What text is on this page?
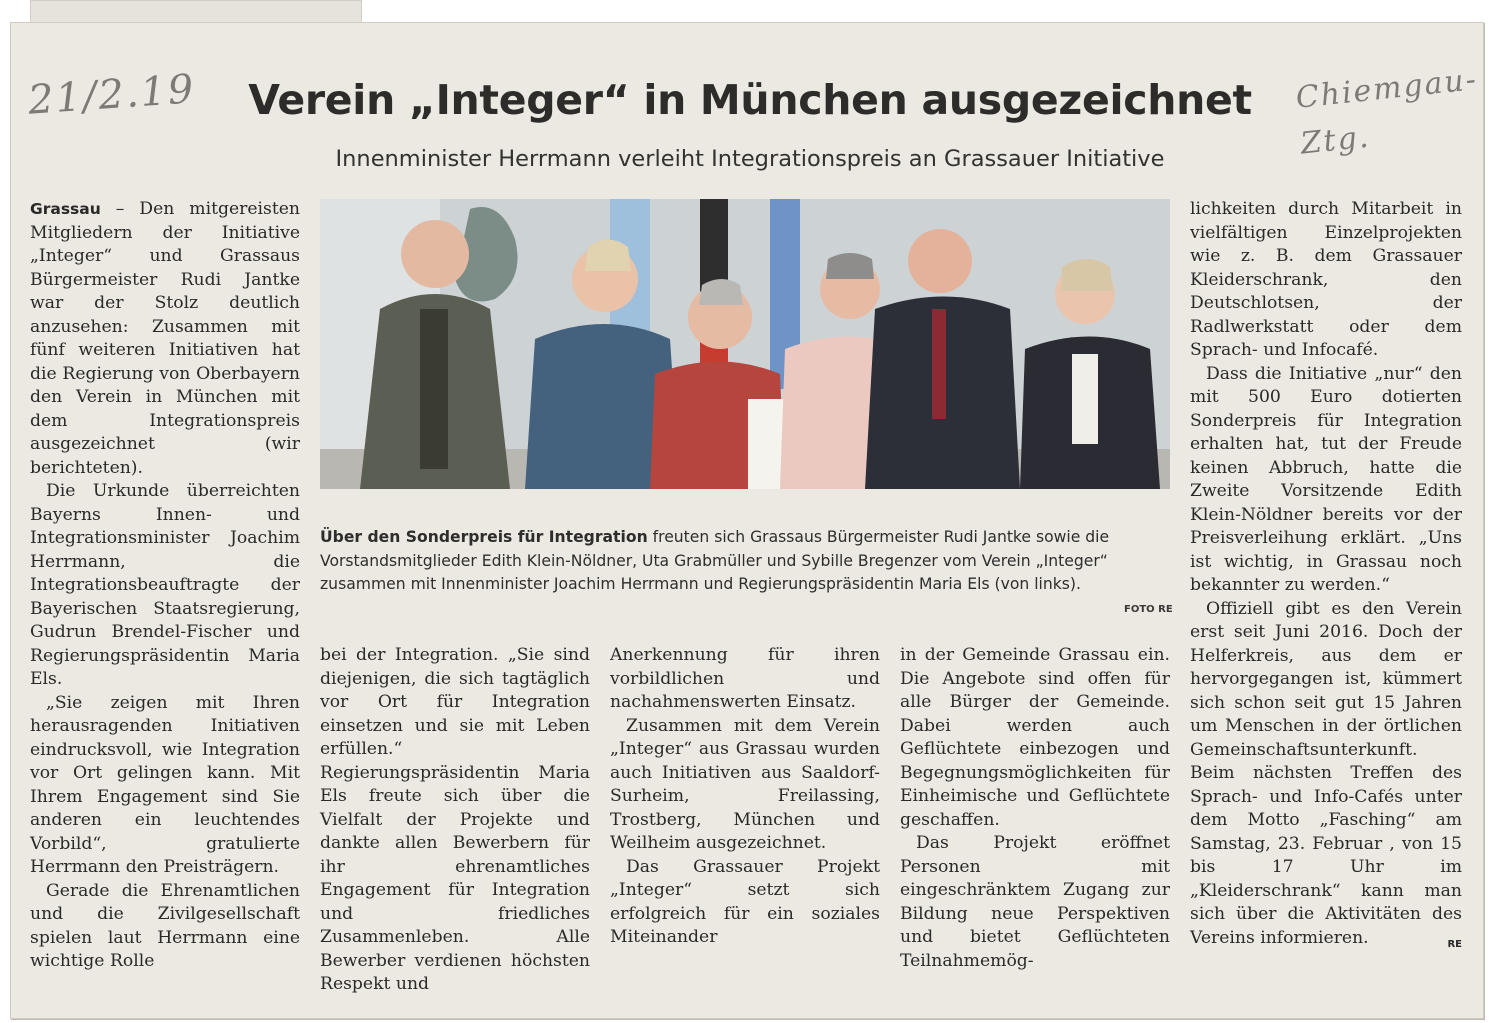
21/2.19	Chiemgau-Ztg.
Verein „Integer“ in München ausgezeichnet
Innenminister Herrmann verleiht Integrationspreis an Grassauer Initiative

Grassau – Den mitgereisten Mitgliedern der Initiative „Integer“ und Grassaus Bürgermeister Rudi Jantke war der Stolz deutlich anzusehen: Zusammen mit fünf weiteren Initiativen hat die Regierung von Oberbayern den Verein in München mit dem Integrationspreis ausgezeichnet (wir berichteten).

Die Urkunde überreichten Bayerns Innen- und Integrationsminister Joachim Herrmann, die Integrationsbeauftragte der Bayerischen Staatsregierung, Gudrun Brendel-Fischer und Regierungspräsidentin Maria Els.

„Sie zeigen mit Ihren herausragenden Initiativen eindrucksvoll, wie Integration vor Ort gelingen kann. Mit Ihrem Engagement sind Sie anderen ein leuchtendes Vorbild“, gratulierte Herrmann den Preisträgern.

Gerade die Ehrenamtlichen und die Zivilgesellschaft spielen laut Herrmann eine wichtige Rolle

Über den Sonderpreis für Integration freuten sich Grassaus Bürgermeister Rudi Jantke sowie die Vorstandsmitglieder Edith Klein-Nöldner, Uta Grabmüller und Sybille Bregenzer vom Verein „Integer“ zusammen mit Innenminister Joachim Herrmann und Regierungspräsidentin Maria Els (von links).
FOTO RE

bei der Integration. „Sie sind diejenigen, die sich tagtäglich vor Ort für Integration einsetzen und sie mit Leben erfüllen.“ Regierungspräsidentin Maria Els freute sich über die Vielfalt der Projekte und dankte allen Bewerbern für ihr ehrenamtliches Engagement für Integration und friedliches Zusammenleben. Alle Bewerber verdienen höchsten Respekt und

Anerkennung für ihren vorbildlichen und nachahmenswerten Einsatz.

Zusammen mit dem Verein „Integer“ aus Grassau wurden auch Initiativen aus Saaldorf-Surheim, Freilassing, Trostberg, München und Weilheim ausgezeichnet.

Das Grassauer Projekt „Integer“ setzt sich erfolgreich für ein soziales Miteinander

in der Gemeinde Grassau ein. Die Angebote sind offen für alle Bürger der Gemeinde. Dabei werden auch Geflüchtete einbezogen und Begegnungsmöglichkeiten für Einheimische und Geflüchtete geschaffen.

Das Projekt eröffnet Personen mit eingeschränktem Zugang zur Bildung neue Perspektiven und bietet Geflüchteten Teilnahmemög-

lichkeiten durch Mitarbeit in vielfältigen Einzelprojekten wie z. B. dem Grassauer Kleiderschrank, den Deutschlotsen, der Radlwerkstatt oder dem Sprach- und Infocafé.

Dass die Initiative „nur“ den mit 500 Euro dotierten Sonderpreis für Integration erhalten hat, tut der Freude keinen Abbruch, hatte die Zweite Vorsitzende Edith Klein-Nöldner bereits vor der Preisverleihung erklärt. „Uns ist wichtig, in Grassau noch bekannter zu werden.“

Offiziell gibt es den Verein erst seit Juni 2016. Doch der Helferkreis, aus dem er hervorgegangen ist, kümmert sich schon seit gut 15 Jahren um Menschen in der örtlichen Gemeinschaftsunterkunft. Beim nächsten Treffen des Sprach- und Info-Cafés unter dem Motto „Fasching“ am Samstag, 23. Februar , von 15 bis 17 Uhr im „Kleiderschrank“ kann man sich über die Aktivitäten des Vereins informieren.	RE
